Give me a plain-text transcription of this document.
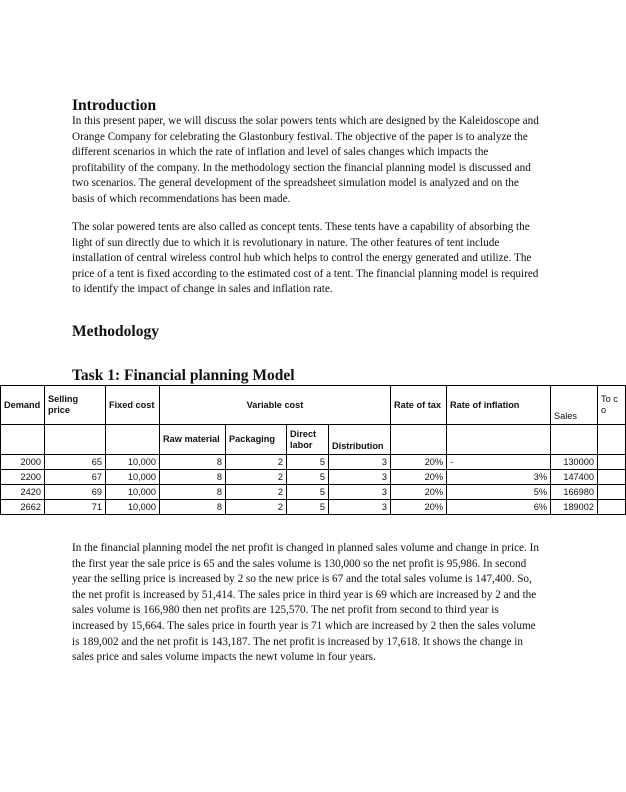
Introduction

In this present paper, we will discuss the solar powers tents which are designed by the Kaleidoscope and Orange Company for celebrating the Glastonbury festival. The objective of the paper is to analyze the different scenarios in which the rate of inflation and level of sales changes which impacts the profitability of the company. In the methodology section the financial planning model is discussed and two scenarios. The general development of the spreadsheet simulation model is analyzed and on the basis of which recommendations has been made.

The solar powered tents are also called as concept tents. These tents have a capability of absorbing the light of sun directly due to which it is revolutionary in nature. The other features of tent include installation of central wireless control hub which helps to control the energy generated and utilize. The price of a tent is fixed according to the estimated cost of a tent. The financial planning model is required to identify the impact of change in sales and inflation rate.

Methodology
Task 1: Financial planning Model
Demand	Selling price	Fixed cost	Variable cost				Rate of tax	Rate of inflation	Sales	To co
			Raw material	Packaging	Direct labor	Distribution				
2000	65	10,000	8	2	5	3	20%	-	130000	
2200	67	10,000	8	2	5	3	20%	3%	147400	
2420	69	10,000	8	2	5	3	20%	5%	166980	
2662	71	10,000	8	2	5	3	20%	6%	189002	

In the financial planning model the net profit is changed in planned sales volume and change in price. In the first year the sale price is 65 and the sales volume is 130,000 so the net profit is 95,986. In second year the selling price is increased by 2 so the new price is 67 and the total sales volume is 147,400. So, the net profit is increased by 51,414. The sales price in third year is 69 which are increased by 2 and the sales volume is 166,980 then net profits are 125,570. The net profit from second to third year is increased by 15,664. The sales price in fourth year is 71 which are increased by 2 then the sales volume is 189,002 and the net profit is 143,187. The net profit is increased by 17,618. It shows the change in sales price and sales volume impacts the newt volume in four years.
